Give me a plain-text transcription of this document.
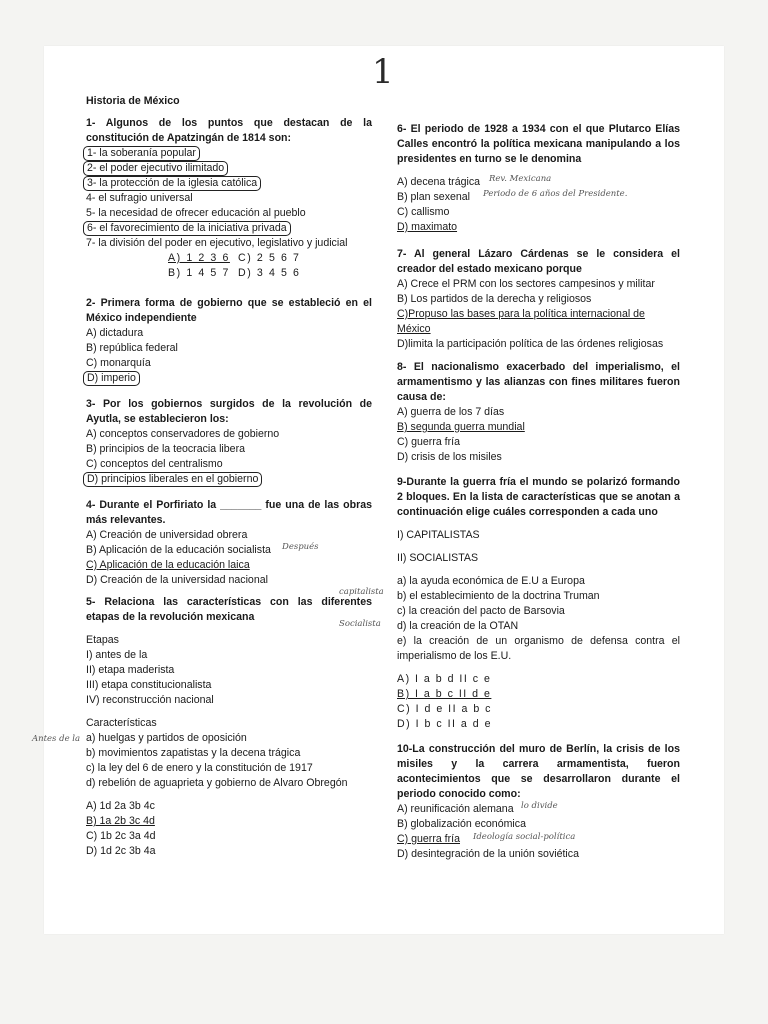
1
Historia de México
1- Algunos de los puntos que destacan de la constitución de Apatzingán de 1814 son:
1- la soberanía popular
2- el poder ejecutivo ilimitado
3- la protección de la iglesia católica
4- el sufragio universal
5- la necesidad de ofrecer educación al pueblo
6- el favorecimiento de la iniciativa privada
7- la división del poder en ejecutivo, legislativo y judicial
A) 1 2 3 6 C) 2 5 6 7
B) 1 4 5 7 D) 3 4 5 6
2- Primera forma de gobierno que se estableció en el México independiente
A) dictadura
B) república federal
C) monarquía
D) imperio
3- Por los gobiernos surgidos de la revolución de Ayutla, se establecieron los:
A) conceptos conservadores de gobierno
B) principios de la teocracia libera
C) conceptos del centralismo
D) principios liberales en el gobierno
4- Durante el Porfiriato la _______ fue una de las obras más relevantes.
A) Creación de universidad obrera
B) Aplicación de la educación socialista Después
C) Aplicación de la educación laica
D) Creación de la universidad nacional
5- Relaciona las características con las diferentes etapas de la revolución mexicana
Etapas
I) antes de la
II) etapa maderista
III) etapa constitucionalista
IV) reconstrucción nacional
Características
Antes de la a) huelgas y partidos de oposición
b) movimientos zapatistas y la decena trágica
c) la ley del 6 de enero y la constitución de 1917
d) rebelión de aguaprieta y gobierno de Alvaro Obregón
A) 1d 2a 3b 4c
B) 1a 2b 3c 4d
C) 1b 2c 3a 4d
D) 1d 2c 3b 4a
6- El periodo de 1928 a 1934 con el que Plutarco Elías Calles encontró la política mexicana manipulando a los presidentes en turno se le denomina
A) decena trágica Rev. Mexicana
B) plan sexenal Periodo de 6 años del Presidente.
C) callismo
D) maximato
7- Al general Lázaro Cárdenas se le considera el creador del estado mexicano porque
A) Crece el PRM con los sectores campesinos y militar
B) Los partidos de la derecha y religiosos
C)Propuso las bases para la política internacional de
México
D)limita la participación política de las órdenes religiosas
8- El nacionalismo exacerbado del imperialismo, el armamentismo y las alianzas con fines militares fueron causa de:
A) guerra de los 7 días
B) segunda guerra mundial
C) guerra fría
D) crisis de los misiles
9-Durante la guerra fría el mundo se polarizó formando 2 bloques. En la lista de características que se anotan a continuación elige cuáles corresponden a cada uno
I) CAPITALISTAS
II) SOCIALISTAS
a) la ayuda económica de E.U a Europa
capitalista b) el establecimiento de la doctrina Truman
c) la creación del pacto de Barsovia
Socialista d) la creación de la OTAN
e) la creación de un organismo de defensa contra el imperialismo de los E.U.
A) I a b d II c e
B) I a b c II d e
C) I d e II a b c
D) I b c II a d e
10-La construcción del muro de Berlín, la crisis de los misiles y la carrera armamentista, fueron acontecimientos que se desarrollaron durante el periodo conocido como:
A) reunificación alemana lo divide
B) globalización económica
C) guerra fría Ideología social-política
D) desintegración de la unión soviética
